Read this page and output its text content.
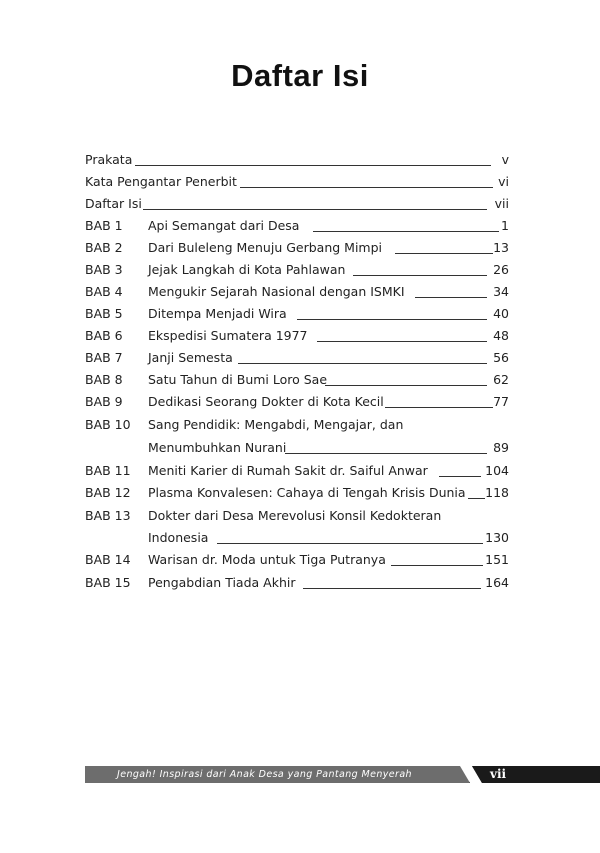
Daftar Isi
Prakata	v
Kata Pengantar Penerbit	vi
Daftar Isi	vii
BAB 1 Api Semangat dari Desa	1
BAB 2 Dari Buleleng Menuju Gerbang Mimpi	13
BAB 3 Jejak Langkah di Kota Pahlawan	26
BAB 4 Mengukir Sejarah Nasional dengan ISMKI	34
BAB 5 Ditempa Menjadi Wira	40
BAB 6 Ekspedisi Sumatera 1977	48
BAB 7 Janji Semesta	56
BAB 8 Satu Tahun di Bumi Loro Sae	62
BAB 9 Dedikasi Seorang Dokter di Kota Kecil	77
BAB 10 Sang Pendidik: Mengabdi, Mengajar, dan
Menumbuhkan Nurani	89
BAB 11 Meniti Karier di Rumah Sakit dr. Saiful Anwar	104
BAB 12 Plasma Konvalesen: Cahaya di Tengah Krisis Dunia 118
BAB 13 Dokter dari Desa Merevolusi Konsil Kedokteran
Indonesia	130
BAB 14 Warisan dr. Moda untuk Tiga Putranya	151
BAB 15 Pengabdian Tiada Akhir	164
Jengah! Inspirasi dari Anak Desa yang Pantang Menyerah	vii
